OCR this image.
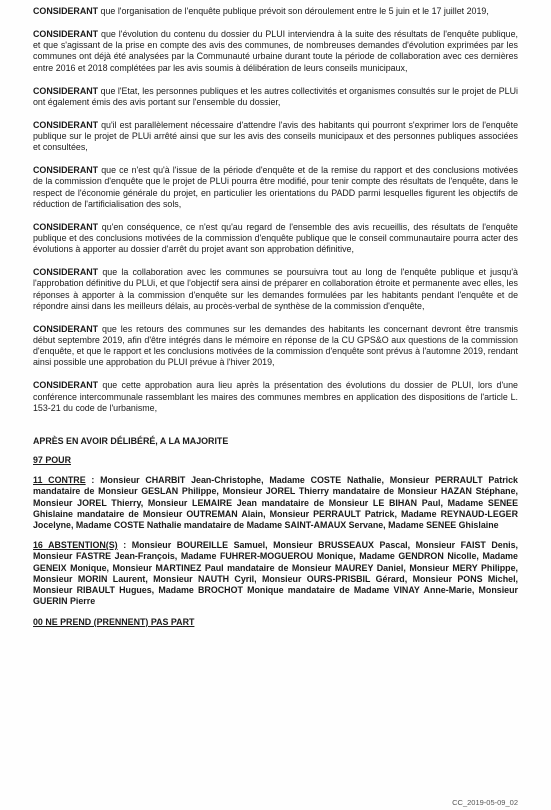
CONSIDERANT que l'organisation de l'enquête publique prévoit son déroulement entre le 5 juin et le 17 juillet 2019,

CONSIDERANT que l'évolution du contenu du dossier du PLUI interviendra à la suite des résultats de l'enquête publique, et que s'agissant de la prise en compte des avis des communes, de nombreuses demandes d'évolution exprimées par les communes ont déjà été analysées par la Communauté urbaine durant toute la période de collaboration avec ces dernières entre 2016 et 2018 complétées par les avis soumis à délibération de leurs conseils municipaux,

CONSIDERANT que l'Etat, les personnes publiques et les autres collectivités et organismes consultés sur le projet de PLUi ont également émis des avis portant sur l'ensemble du dossier,

CONSIDERANT qu'il est parallèlement nécessaire d'attendre l'avis des habitants qui pourront s'exprimer lors de l'enquête publique sur le projet de PLUi arrêté ainsi que sur les avis des conseils municipaux et des personnes publiques associées et consultées,

CONSIDERANT que ce n'est qu'à l'issue de la période d'enquête et de la remise du rapport et des conclusions motivées de la commission d'enquête que le projet de PLUi pourra être modifié, pour tenir compte des résultats de l'enquête, dans le respect de l'économie générale du projet, en particulier les orientations du PADD parmi lesquelles figurent les objectifs de réduction de l'artificialisation des sols,

CONSIDERANT qu'en conséquence, ce n'est qu'au regard de l'ensemble des avis recueillis, des résultats de l'enquête publique et des conclusions motivées de la commission d'enquête publique que le conseil communautaire pourra acter des évolutions à apporter au dossier d'arrêt du projet avant son approbation définitive,

CONSIDERANT que la collaboration avec les communes se poursuivra tout au long de l'enquête publique et jusqu'à l'approbation définitive du PLUi, et que l'objectif sera ainsi de préparer en collaboration étroite et permanente avec elles, les réponses à apporter à la commission d'enquête sur les demandes formulées par les habitants pendant l'enquête et de répondre ainsi dans les meilleurs délais, au procès-verbal de synthèse de la commission d'enquête,

CONSIDERANT que les retours des communes sur les demandes des habitants les concernant devront être transmis début septembre 2019, afin d'être intégrés dans le mémoire en réponse de la CU GPS&O aux questions de la commission d'enquête, et que le rapport et les conclusions motivées de la commission d'enquête sont prévus à l'automne 2019, rendant ainsi possible une approbation du PLUI prévue à l'hiver 2019,

CONSIDERANT que cette approbation aura lieu après la présentation des évolutions du dossier de PLUI, lors d'une conférence intercommunale rassemblant les maires des communes membres en application des dispositions de l'article L. 153-21 du code de l'urbanisme,

APRÈS EN AVOIR DÉLIBÉRÉ, A LA MAJORITE

97 POUR

11 CONTRE : Monsieur CHARBIT Jean-Christophe, Madame COSTE Nathalie, Monsieur PERRAULT Patrick mandataire de Monsieur GESLAN Philippe, Monsieur JOREL Thierry mandataire de Monsieur HAZAN Stéphane, Monsieur JOREL Thierry, Monsieur LEMAIRE Jean mandataire de Monsieur LE BIHAN Paul, Madame SENEE Ghislaine mandataire de Monsieur OUTREMAN Alain, Monsieur PERRAULT Patrick, Madame REYNAUD-LEGER Jocelyne, Madame COSTE Nathalie mandataire de Madame SAINT-AMAUX Servane, Madame SENEE Ghislaine

16 ABSTENTION(S) : Monsieur BOUREILLE Samuel, Monsieur BRUSSEAUX Pascal, Monsieur FAIST Denis, Monsieur FASTRE Jean-François, Madame FUHRER-MOGUEROU Monique, Madame GENDRON Nicolle, Madame GENEIX Monique, Monsieur MARTINEZ Paul mandataire de Monsieur MAUREY Daniel, Monsieur MERY Philippe, Monsieur MORIN Laurent, Monsieur NAUTH Cyril, Monsieur OURS-PRISBIL Gérard, Monsieur PONS Michel, Monsieur RIBAULT Hugues, Madame BROCHOT Monique mandataire de Madame VINAY Anne-Marie, Monsieur GUERIN Pierre

00 NE PREND (PRENNENT) PAS PART

CC_2019-05-09_02
